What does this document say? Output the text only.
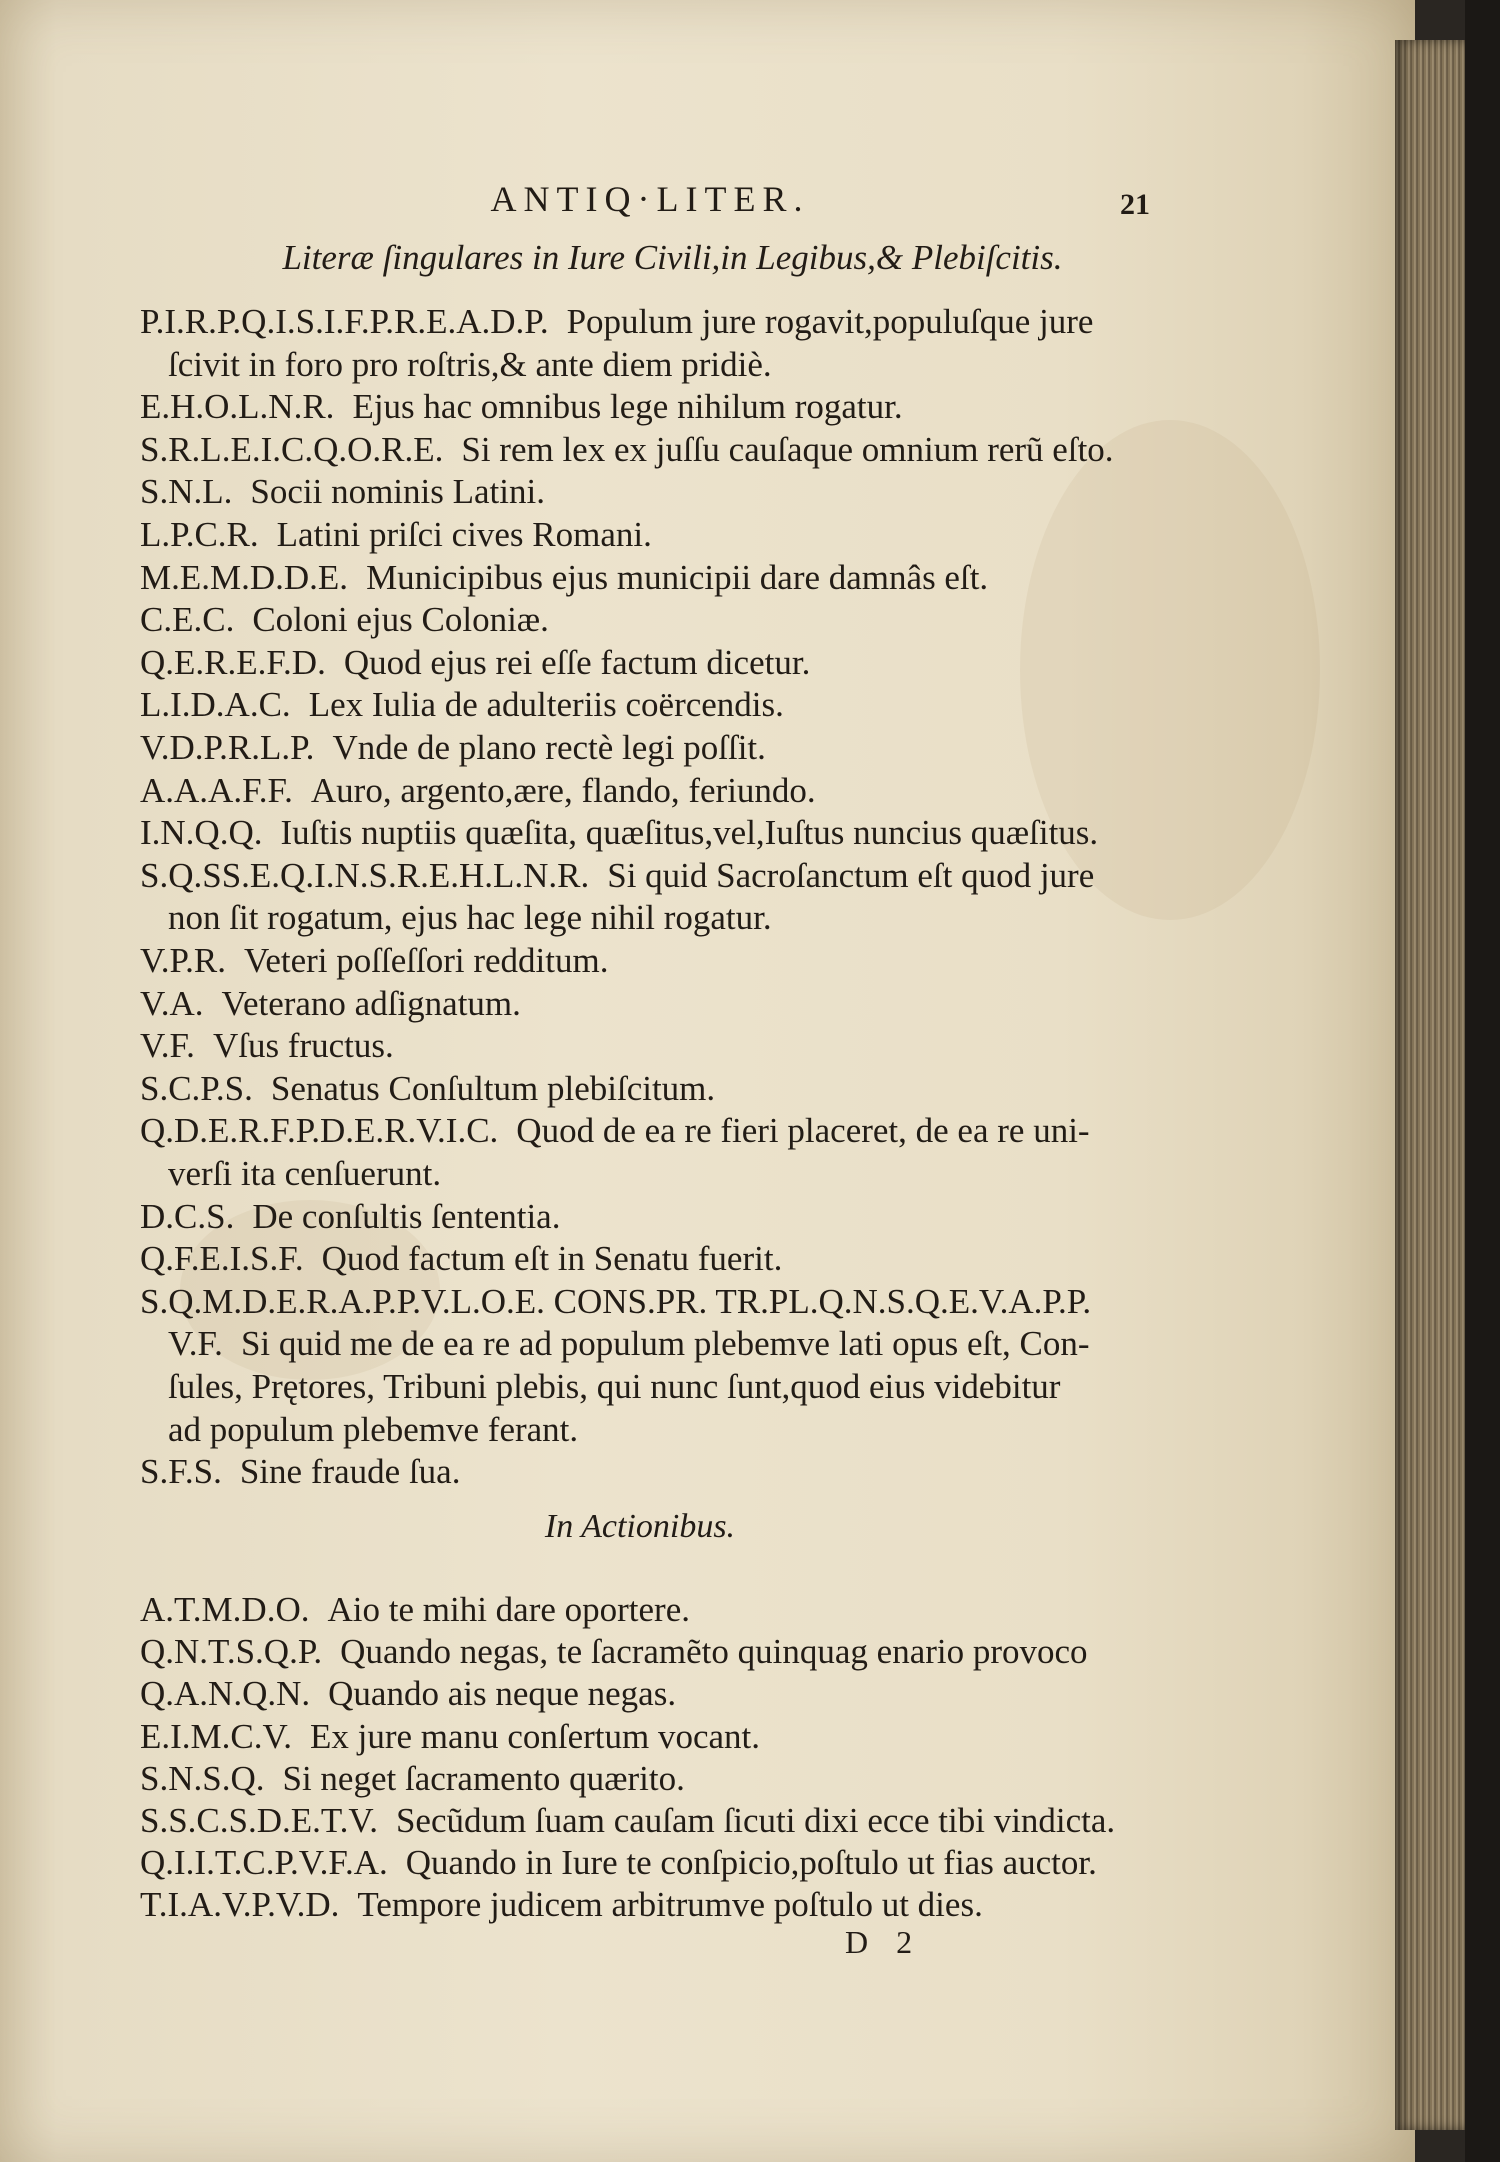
ANTIQ·LITER.	21
Literæ ſingulares in Iure Civili,in Legibus,& Plebiſcitis.
P.I.R.P.Q.I.S.I.F.P.R.E.A.D.P. Populum jure rogavit,populuſque jure
ſcivit in foro pro roſtris,& ante diem pridiè.
E.H.O.L.N.R. Ejus hac omnibus lege nihilum rogatur.
S.R.L.E.I.C.Q.O.R.E. Si rem lex ex juſſu cauſaque omnium rerũ eſto.
S.N.L. Socii nominis Latini.
L.P.C.R. Latini priſci cives Romani.
M.E.M.D.D.E. Municipibus ejus municipii dare damnâs eſt.
C.E.C. Coloni ejus Coloniæ.
Q.E.R.E.F.D. Quod ejus rei eſſe factum dicetur.
L.I.D.A.C. Lex Iulia de adulteriis coërcendis.
V.D.P.R.L.P. Vnde de plano rectè legi poſſit.
A.A.A.F.F. Auro, argento,ære, flando, feriundo.
I.N.Q.Q. Iuſtis nuptiis quæſita, quæſitus,vel,Iuſtus nuncius quæſitus.
S.Q.SS.E.Q.I.N.S.R.E.H.L.N.R. Si quid Sacroſanctum eſt quod jure
non ſit rogatum, ejus hac lege nihil rogatur.
V.P.R. Veteri poſſeſſori redditum.
V.A. Veterano adſignatum.
V.F. Vſus fructus.
S.C.P.S. Senatus Conſultum plebiſcitum.
Q.D.E.R.F.P.D.E.R.V.I.C. Quod de ea re fieri placeret, de ea re uni-
verſi ita cenſuerunt.
D.C.S. De conſultis ſententia.
Q.F.E.I.S.F. Quod factum eſt in Senatu fuerit.
S.Q.M.D.E.R.A.P.P.V.L.O.E. CONS.PR. TR.PL.Q.N.S.Q.E.V.A.P.P.
V.F. Si quid me de ea re ad populum plebemve lati opus eſt, Con-
ſules, Prętores, Tribuni plebis, qui nunc ſunt,quod eius videbitur
ad populum plebemve ferant.
S.F.S. Sine fraude ſua.
In Actionibus.
A.T.M.D.O. Aio te mihi dare oportere.
Q.N.T.S.Q.P. Quando negas, te ſacramẽto quinquag enario provoco
Q.A.N.Q.N. Quando ais neque negas.
E.I.M.C.V. Ex jure manu conſertum vocant.
S.N.S.Q. Si neget ſacramento quærito.
S.S.C.S.D.E.T.V. Secũdum ſuam cauſam ſicuti dixi ecce tibi vindicta.
Q.I.I.T.C.P.V.F.A. Quando in Iure te conſpicio,poſtulo ut fias auctor.
T.I.A.V.P.V.D. Tempore judicem arbitrumve poſtulo ut dies.
D 2
